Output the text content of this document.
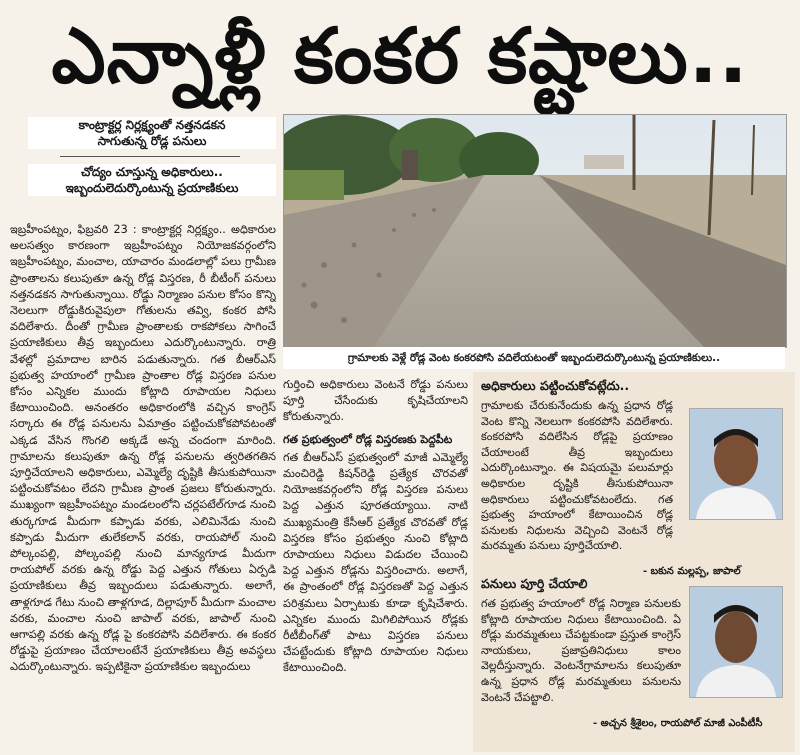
ఎన్నాళ్లీ కంకర కష్టాలు..
కాంట్రాక్టర్ల నిర్లక్ష్యంతో నత్తనడకన
సాగుతున్న రోడ్ల పనులు
చోద్యం చూస్తున్న అధికారులు..
ఇబ్బందులెదుర్కొంటున్న ప్రయాణికులు
గ్రామాలకు వెళ్లే రోడ్ల వెంట కంకరపోసి వదిలేయటంతో ఇబ్బందులెదుర్కొంటున్న ప్రయాణికులు..
ఇబ్రహీంపట్నం, ఫిబ్రవరి 23 : కాంట్రాక్టర్ల నిర్లక్ష్యం.. అధికారుల అలసత్వం కారణంగా ఇబ్రహీంపట్నం నియోజకవర్గంలోని ఇబ్రహీంపట్నం, మంచాల, యాచారం మండలాల్లో పలు గ్రామీణ ప్రాంతాలను కలుపుతూ ఉన్న రోడ్ల విస్తరణ, రీ బీటీంగ్ పనులు నత్తనడకన సాగుతున్నాయి. రోడ్డు నిర్మాణం పనుల కోసం కొన్ని నెలలుగా రోడ్డుకిరువైపులా గోతులను తవ్వి, కంకర పోసి వదిలేశారు. దీంతో గ్రామీణ ప్రాంతాలకు రాకపోకలు సాగించే ప్రయాణికులు తీవ్ర ఇబ్బందులు ఎదుర్కొంటున్నారు. రాత్రి వేళల్లో ప్రమాదాల బారిన పడుతున్నారు. గత బీఆర్ఎస్ ప్రభుత్వ హయాంలో గ్రామీణ ప్రాంతాల రోడ్ల విస్తరణ పనుల కోసం ఎన్నికల ముందు కోట్లాది రూపాయల నిధులు కేటాయించింది. అనంతరం అధికారంలోకి వచ్చిన కాంగ్రెస్ సర్కారు ఈ రోడ్ల పనులను ఏమాత్రం పట్టించుకోకపోవటంతో ఎక్కడ వేసిన గొంగలి అక్కడే అన్న చందంగా మారింది. గ్రామాలను కలుపుతూ ఉన్న రోడ్ల పనులను త్వరితగతిన పూర్తిచేయాలని అధికారులు, ఎమ్మెల్యే దృష్టికి తీసుకుపోయినా పట్టించుకోవటం లేదని గ్రామీణ ప్రాంత ప్రజలు కోరుతున్నారు. ముఖ్యంగా ఇబ్రహీంపట్నం మండలంలోని చర్లపటేల్‌గూడ నుంచి తుర్కగూడ మీదుగా కప్పాడు వరకు, ఎలిమినేడు నుంచి కప్పాడు మీదుగా తులేకలాన్ వరకు, రాయపోల్ నుంచి పోల్కంపల్లి, పోల్కంపల్లి నుంచి మాన్యగూడ మీదుగా రాయపోల్ వరకు ఉన్న రోడ్డు పెద్ద ఎత్తున గోతులు ఏర్పడి ప్రయాణికులు తీవ్ర ఇబ్బందులు పడుతున్నారు. అలాగే, తాళ్లగూడ గేటు నుంచి తాళ్లగూడ, దిల్లాపూర్ మీదుగా మంచాల వరకు, మంచాల నుంచి జాపాల్ వరకు, జాపాల్ నుంచి ఆగాపల్లి వరకు ఉన్న రోడ్ల పై కంకరపోసి వదిలేశారు. ఈ కంకర రోడ్డుపై ప్రయాణం చేయాలంటేనే ప్రయాణికులు తీవ్ర అవస్థలు ఎదుర్కొంటున్నారు. ఇప్పటికైనా ప్రయాణికుల ఇబ్బందులు

గుర్తించి అధికారులు వెంటనే రోడ్డు పనులు పూర్తి చేసేందుకు కృషిచేయాలని కోరుతున్నారు.

గత ప్రభుత్వంలో రోడ్ల విస్తరణకు పెద్దపీట

గత బీఆర్ఎస్ ప్రభుత్వంలో మాజీ ఎమ్మెల్యే మంచిరెడ్డి కిషన్‌రెడ్డి ప్రత్యేక చొరవతో నియోజకవర్గంలోని రోడ్ల విస్తరణ పనులు పెద్ద ఎత్తున పూరతయ్యాయి. నాటి ముఖ్యమంత్రి కేసీఆర్ ప్రత్యేక చొరవతో రోడ్ల విస్తరణ కోసం ప్రభుత్వం నుంచి కోట్లాది రూపాయలు నిధులు విడుదల చేయించి పెద్ద ఎత్తున రోడ్లను విస్తరించారు. అలాగే, ఈ ప్రాంతంలో రోడ్ల విస్తరణతో పెద్ద ఎత్తున పరిశ్రమలు ఏర్పాటుకు కూడా కృషిచేశారు. ఎన్నికల ముందు మిగిలిపోయిన రోడ్లకు రీటీబీంగ్‌తో పాటు విస్తరణ పనులు చేపట్టేందుకు కోట్లాది రూపాయల నిధులు కేటాయించింది.

అధికారులు పట్టించుకోవట్లేదు..
గ్రామాలకు చేరుకునేందుకు ఉన్న ప్రధాన రోడ్ల వెంట కొన్ని నెలలుగా కంకరపోసి వదిలేశారు. కంకరపోసి వదిలేసిన రోడ్లపై ప్రయాణం చేయాలంటే తీవ్ర ఇబ్బందులు ఎదుర్కొంటున్నాం. ఈ విషయమై పలుమార్లు అధికారుల దృష్టికి తీసుకుపోయినా అధికారులు పట్టించుకోవటంలేదు. గత ప్రభుత్వ హయాంలో కేటాయించిన రోడ్ల పనులకు నిధులను వెచ్చించి వెంటనే రోడ్ల మరమ్మతు పనులు పూర్తిచేయాలి.
- బకున మల్లప్ప, జాపాల్
పనులు పూర్తి చేయాలి
గత ప్రభుత్వ హయాంలో రోడ్ల నిర్మాణ పనులకు కోట్లాది రూపాయల నిధులు కేటాయించింది. ఏ రోడ్లు మరమ్మతులు చేపట్టకుండా ప్రస్తుత కాంగ్రెస్ నాయకులు, ప్రజాప్రతినిధులు కాలం వెల్లదీస్తున్నారు. వెంటనేగ్రామాలను కలుపుతూ ఉన్న ప్రధాన రోడ్ల మరమ్మతులు పనులను వెంటనే చేపట్టాలి.
- అచ్చన శ్రీశైలం, రాయపోల్ మాజీ ఎంపీటీసీ
